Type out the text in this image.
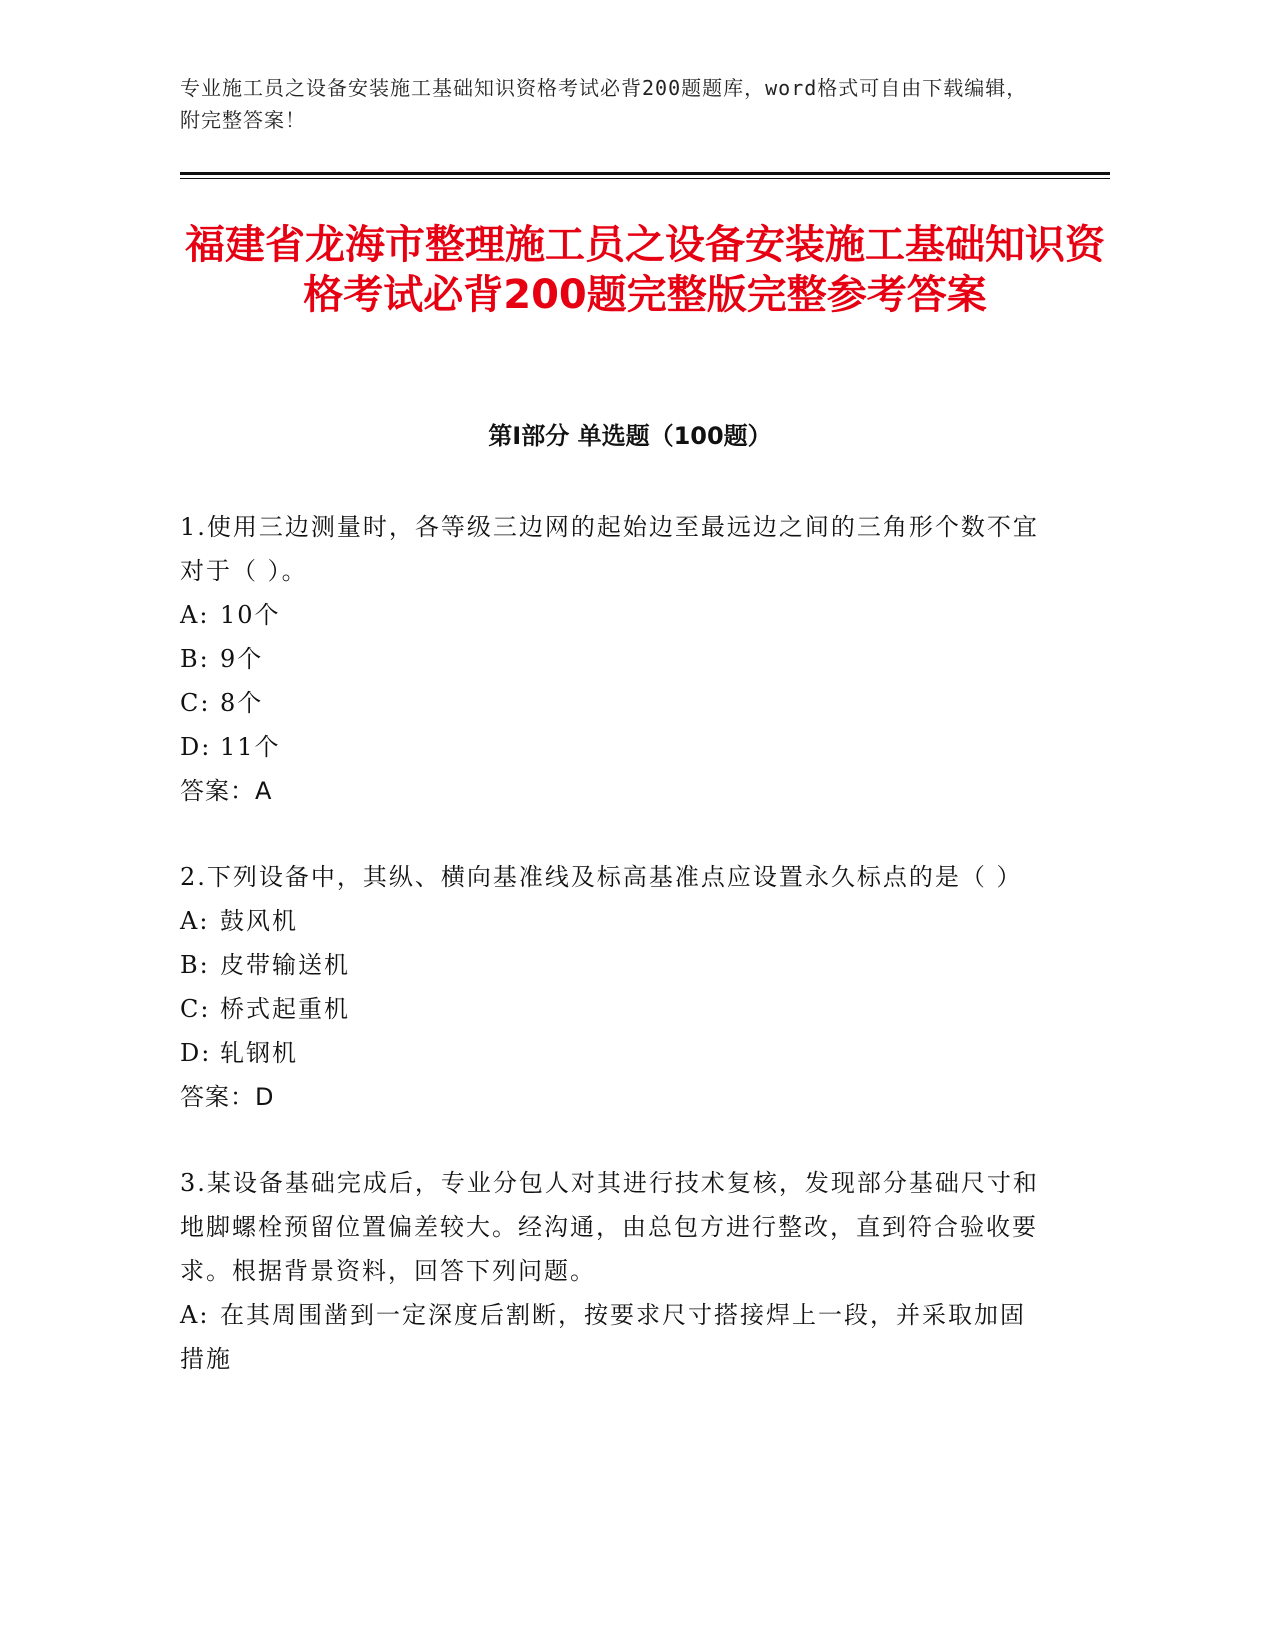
专业施工员之设备安装施工基础知识资格考试必背200题题库，word格式可自由下载编辑，附完整答案！
福建省龙海市整理施工员之设备安装施工基础知识资格考试必背200题完整版完整参考答案
第Ⅰ部分 单选题（100题）

1.使用三边测量时，各等级三边网的起始边至最远边之间的三角形个数不宜对于（ ）。

A: 10个

B: 9个

C: 8个

D: 11个

答案：A

2.下列设备中，其纵、横向基准线及标高基准点应设置永久标点的是（ ）

A: 鼓风机

B: 皮带输送机

C: 桥式起重机

D: 轧钢机

答案：D

3.某设备基础完成后，专业分包人对其进行技术复核，发现部分基础尺寸和地脚螺栓预留位置偏差较大。经沟通，由总包方进行整改，直到符合验收要求。根据背景资料，回答下列问题。

A: 在其周围凿到一定深度后割断，按要求尺寸搭接焊上一段，并采取加固措施
